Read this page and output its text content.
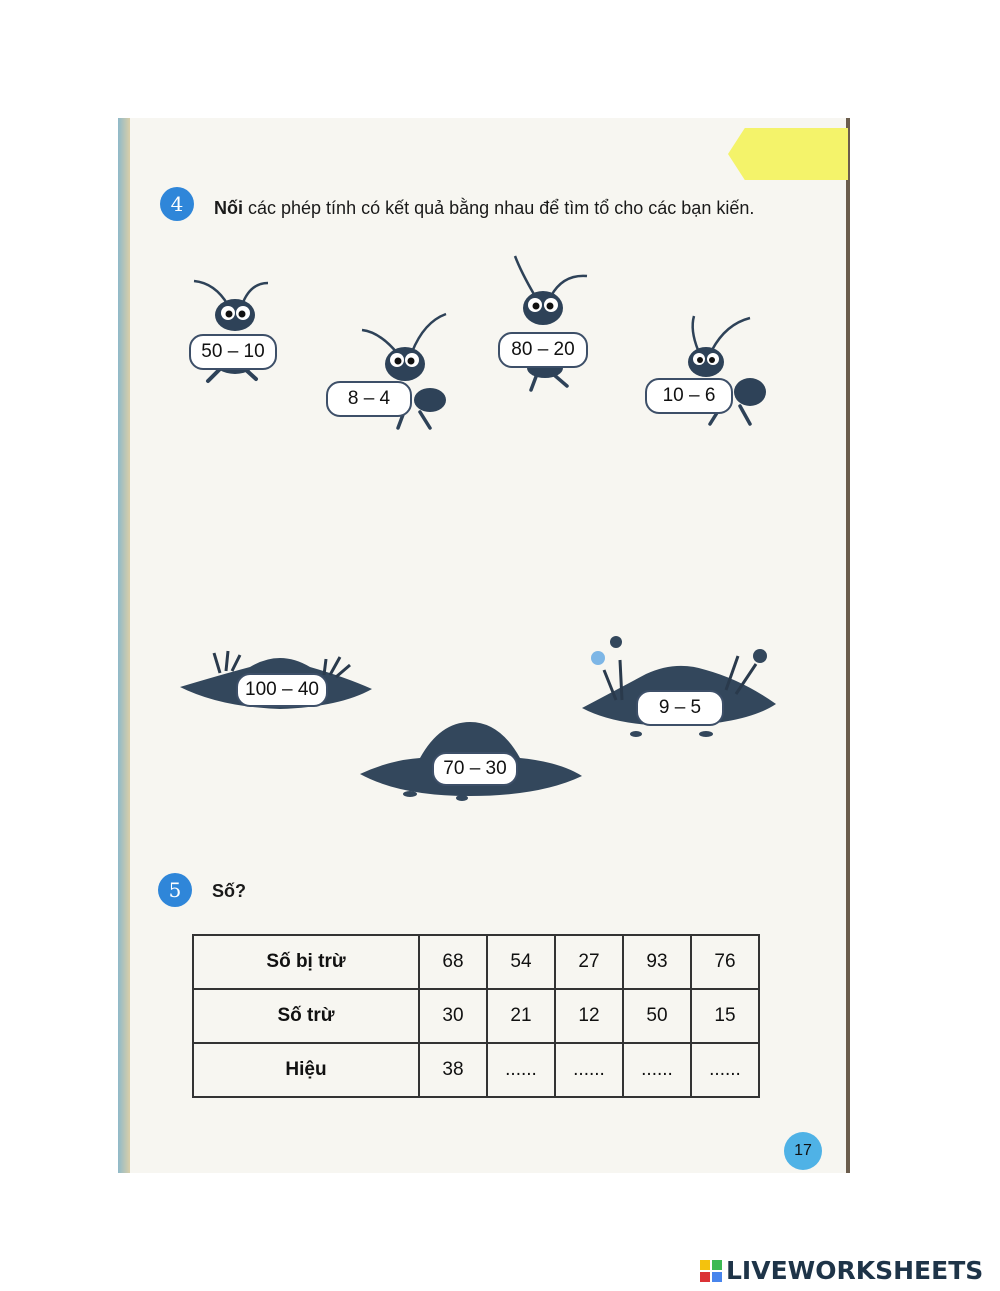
4	Nối các phép tính có kết quả bằng nhau để tìm tổ cho các bạn kiến.
50 – 10
8 – 4
80 – 20
10 – 6
100 – 40
70 – 30
9 – 5
5	Số?
Số bị trừ	68	54	27	93	76
Số trừ	30	21	12	50	15
Hiệu	38	......	......	......	......
17
LIVEWORKSHEETS
